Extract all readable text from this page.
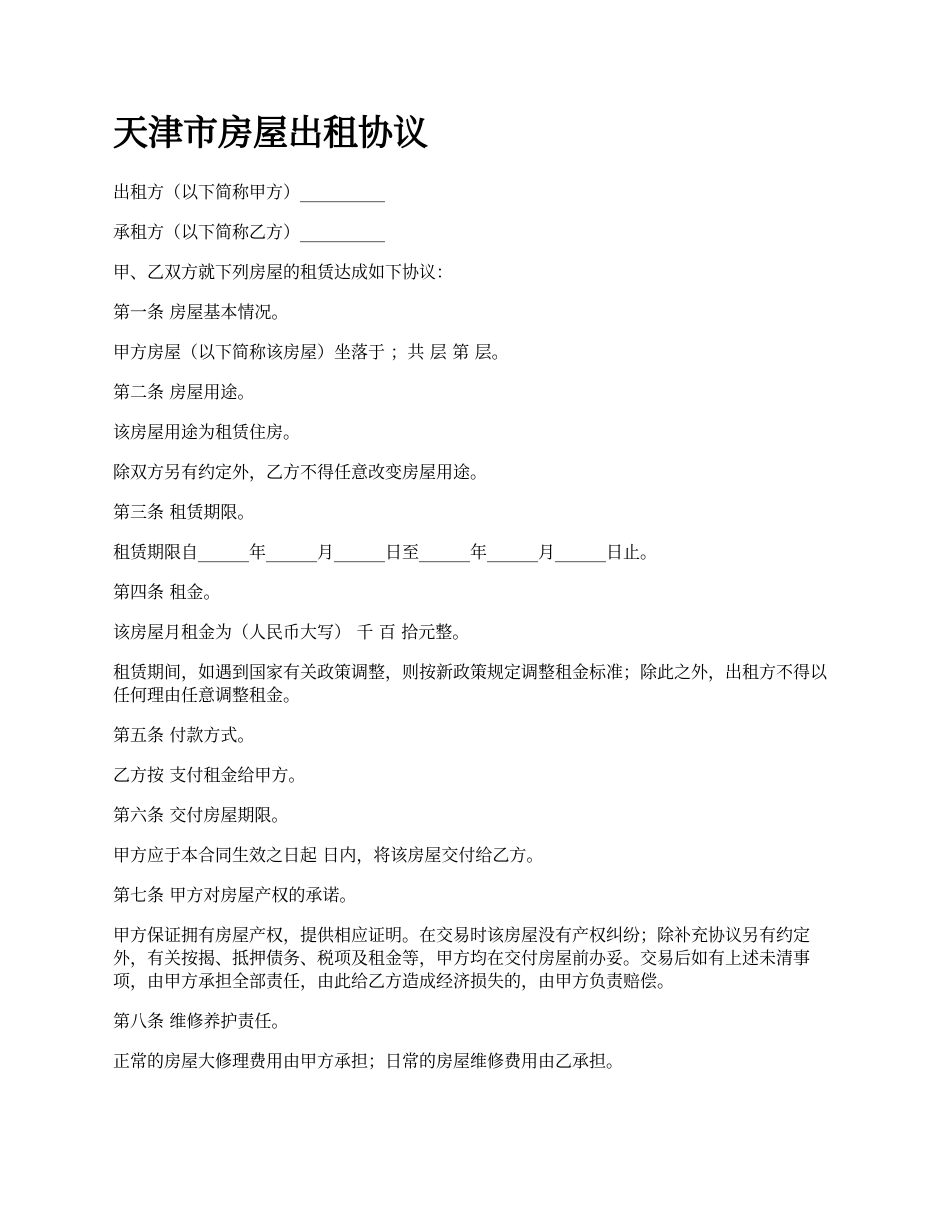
天津市房屋出租协议

出租方（以下简称甲方）__________

承租方（以下简称乙方）__________

甲、乙双方就下列房屋的租赁达成如下协议：

第一条 房屋基本情况。

甲方房屋（以下简称该房屋）坐落于 ；共 层 第 层。

第二条 房屋用途。

该房屋用途为租赁住房。

除双方另有约定外，乙方不得任意改变房屋用途。

第三条 租赁期限。

租赁期限自______年______月______日至______年______月______日止。

第四条 租金。

该房屋月租金为（人民币大写） 千 百 拾元整。

租赁期间，如遇到国家有关政策调整，则按新政策规定调整租金标准；除此之外，出租方不得以任何理由任意调整租金。

第五条 付款方式。

乙方按 支付租金给甲方。

第六条 交付房屋期限。

甲方应于本合同生效之日起 日内，将该房屋交付给乙方。

第七条 甲方对房屋产权的承诺。

甲方保证拥有房屋产权，提供相应证明。在交易时该房屋没有产权纠纷；除补充协议另有约定外，有关按揭、抵押债务、税项及租金等，甲方均在交付房屋前办妥。交易后如有上述未清事项，由甲方承担全部责任，由此给乙方造成经济损失的，由甲方负责赔偿。

第八条 维修养护责任。

正常的房屋大修理费用由甲方承担；日常的房屋维修费用由乙承担。
